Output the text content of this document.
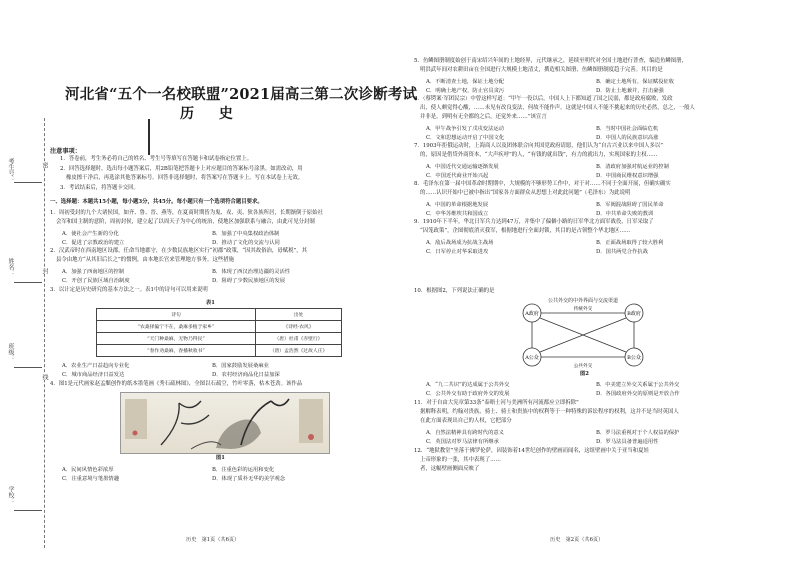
考生号：
姓名：
班级：
学校：
密
封
线
河北省“五个一名校联盟”2021届高三第二次诊断考试
历 史
注意事项：
1．答卷前，考生务必将自己的姓名、考生号等填写在答题卡和试卷指定位置上。
2．回答选择题时，选出每小题答案后，用2B铅笔把答题卡上对应题目的答案标号涂黑。如需改动，用
橡皮擦干净后，再选涂其他答案标号。回答非选择题时，将答案写在答题卡上。写在本试卷上无效。
3．考试结束后，将答题卡交回。
一、选择题：本题共15小题，每小题3分，共45分。每小题只有一个选项符合题目要求。
1．周初受封的九个大诸侯国，如齐、鲁、晋、燕等，在夏商时期皆为鬼、戎、夷、狄各族所居，长期渐倒于原始社
会军和国主制的意阶，周初封侯，建立起了以周天子为中心的统治，使地区加强联系与融合，由此可见分封制
A．使社会产生新的分化	B．加强了中央集权政治体制
C．促进了宗教政治的建立	D．推动了文化的交流与认同
2．汉武帝时在西南地区设郡，任命当地郡守，在少数民族地区实行“初郡”政策，“因其故俗治，毋赋税”，其
县令由地方“从其旧后长之”的惯例，由本地长官来管理地方事务。这些措施
A．加强了西南地区的控制	B．体现了西汉治理边疆的灵活性
C．开创了民族区域自治制度	D．阻碍了少数民族地区的发展
3．以计定是历史研究的基本方法之一。表1中的诗句可以用来说明
表1
诗句	出处
“农桑择偏宁不在，桑麻多植于家乡”	《诗经·农风》
“天门种桑麻，无物乃得民”	（唐）杜甫《赤壁行》
“春作劝桑麻，春播秋收书”	（唐）孟浩然《过故人庄》
A．农业生产日益趋向专业化	B．国家鼓励发展桑麻业
C．城市商品经济日益发达	D．农村经济商品化日益加深
4．图1是元代画家赵孟頫创作的纸本墨笔画《秀石疏林图》，全图以石疏空，竹叶零落，枯木苍劲。该作品
图1
A．民间风情色彩浓厚	B．注重色彩的运用和变化
C．注重意境与笔墨情趣	D．体现了质朴无华的美学观念
历史　第1页（共6页）
5．鱼鳞图册制度始创于南宋绍兴年间的土地经界，元代继承之，延续至明代对全国土地进行普查，编造鱼鳞图册，
明洪武年间对农耕田亩在全国进行大规模土地清丈，撰造相关图册，鱼鳞图册制度趋于完善。其目的是
A．不断清查土地，保证土地分配	B．确定土地所有，保证赋役征收
C．明确土地产权，防止官员贪污	D．防止土地兼并，打击豪强
6．（蔡锷案·军团民宗）中曾这样写道：“甲午一役以后，中国人上下都知道了国之民弱，都是政府腐败，发政
出，使人颇觉得心酸，……未见有改良变法，何故不能作声。这就是中国人不能不挑起来的历史必然，总之，一般人
并非是，到明有无全都的之后，还觉外来……”该宣言
A．甲午战争引发了戊戌变法运动	B．当时中国社会面临危机
C．文和思想运动开启了中国文化	D．中国人的民族意识高涨
7．1903年拒俄运动时，上海商人以及团体联合向其国党政府请愿，他们认为“自古兴业以来中国人多以”
的，原因是借贷外商资本，“大声疾呼”的人，“有钱的就出钱”，有力的就出力，实现国家的主权……
A．中国近代交通运输逐渐发展	B．清政府加强对航运业的控制
C．中国近代商业开始兴起	D．中国商民维权意识增强
8．毛泽东在第一届中国革命时期期中，大规模的不够形势工作中，对于对……不同于全面开展，但确实确实
的……认识开始中已被中指出“国家各方面群众从思想上对此此问题”（毛泽东）为此说明
A．中国的革命根据地发展	B．军阀混战阻碍了国民革命
C．中华苏维埃共和国成立	D．中共革命失败的教训
9．1910年下半年，华北日军兵力达到47万，并集中了偏僻小路的日军华北方面军战役，日军采取了
“囚笼政策”，企图彻底消灭我军，根据地进行全面封锁，其目的是占领整个华北地区……
A．敌后战场成为抗战主战场	B．正面战场取得了较大胜利
C．日军停止对华采取进攻	D．国共两党合作抗战
10．根据图2，下列说法正确的是
公共外交的中外界面与交流渠道
A政府
A公众
B政府
B公众
传统外交
公共外交
图2
A．“九二共识”的达成属于公共外交	B．中美建立外交关系属于公共外交
C．公共外交有助于政府外交的发展	D．各国政府外交的原则是开放合作
11．对于自由大宪章第33条“泰晤士河与美洲所有河流都应立即拆除”
据解释表明，约翰对贵族、骑士、骑士和贵族中的权利等于一种特殊的诉讼程序的权利，这并不是当时英国人
在此方面表现出自己的人权，它把部分
A．自然法精神具有跨时代的意义	B．罗马法重视对于个人权益的保护
C．英国法对罗马法律有所继承	D．罗马法具备普遍适用性
12．“地狱教堂”坐落于佛罗伦萨，因装饰着14世纪创作的壁画而闻名，这组壁画中关于亚当和夏娃
上帝形象的一张，其中表现了……
者，这幅壁画侧面反映了
历史　第2页（共6页）
